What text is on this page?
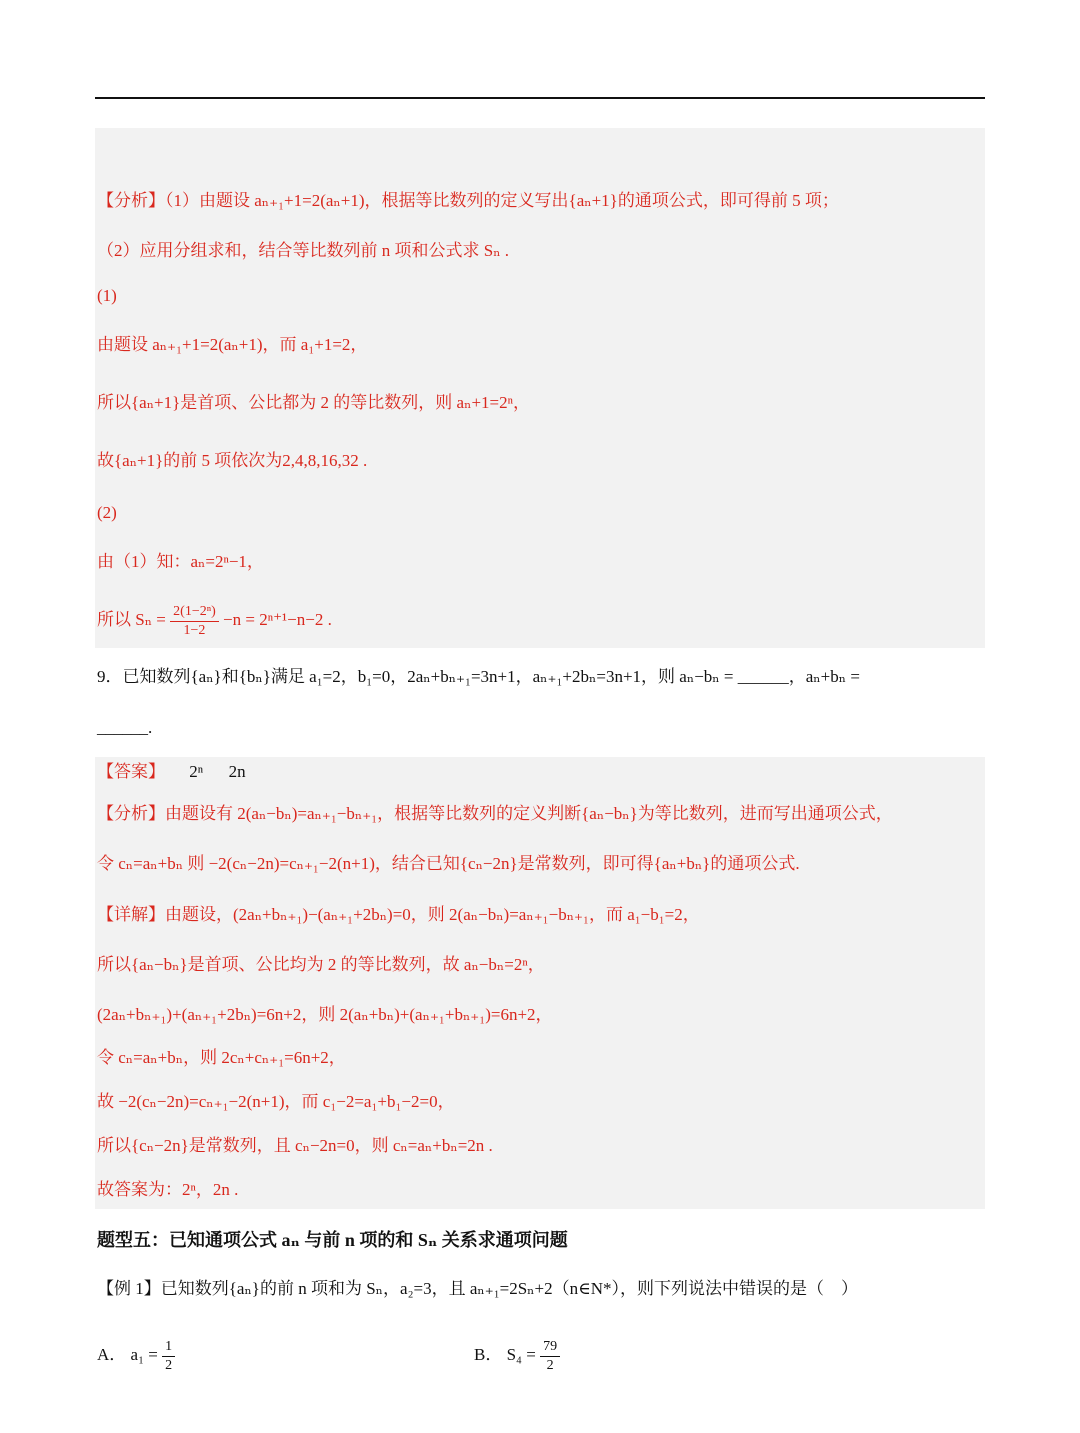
【分析】（1）由题设 aₙ₊₁+1=2(aₙ+1)，根据等比数列的定义写出{aₙ+1}的通项公式，即可得前 5 项；
（2）应用分组求和，结合等比数列前 n 项和公式求 Sₙ .
(1)
由题设 aₙ₊₁+1=2(aₙ+1)，而 a₁+1=2，
所以{aₙ+1}是首项、公比都为 2 的等比数列，则 aₙ+1=2ⁿ，
故{aₙ+1}的前 5 项依次为2,4,8,16,32 .
(2)
由（1）知：aₙ=2ⁿ−1，
所以 $S_n = \frac{\text{2(1−2ⁿ)}}{1-2} -n = 2^{n+1}-n-2$ .
9．已知数列{aₙ}和{bₙ}满足 a₁=2，b₁=0，2aₙ+bₙ₊₁=3n+1，aₙ₊₁+2bₙ=3n+1，则 aₙ−bₙ = ______，aₙ+bₙ =
______.
【答案】 2ⁿ      2n
【分析】由题设有 2(aₙ−bₙ)=aₙ₊₁−bₙ₊₁，根据等比数列的定义判断{aₙ−bₙ}为等比数列，进而写出通项公式，
令 cₙ=aₙ+bₙ 则 −2(cₙ−2n)=cₙ₊₁−2(n+1)，结合已知{cₙ−2n}是常数列，即可得{aₙ+bₙ}的通项公式.
【详解】由题设，(2aₙ+bₙ₊₁)−(aₙ₊₁+2bₙ)=0，则 2(aₙ−bₙ)=aₙ₊₁−bₙ₊₁，而 a₁−b₁=2，
所以{aₙ−bₙ}是首项、公比均为 2 的等比数列，故 aₙ−bₙ=2ⁿ，
(2aₙ+bₙ₊₁)+(aₙ₊₁+2bₙ)=6n+2，则 2(aₙ+bₙ)+(aₙ₊₁+bₙ₊₁)=6n+2，
令 cₙ=aₙ+bₙ，则 2cₙ+cₙ₊₁=6n+2，
故 −2(cₙ−2n)=cₙ₊₁−2(n+1)，而 c₁−2=a₁+b₁−2=0，
所以{cₙ−2n}是常数列，且 cₙ−2n=0，则 cₙ=aₙ+bₙ=2n .
故答案为：2ⁿ，2n .
题型五：已知通项公式 aₙ 与前 n 项的和 Sₙ 关系求通项问题
【例 1】已知数列{aₙ}的前 n 项和为 Sₙ，a₂=3，且 aₙ₊₁=2Sₙ+2（n∈N*），则下列说法中错误的是（　）
A． $a_1 = \frac{1}{2}$	B． $S_4 = \frac{79}{2}$
